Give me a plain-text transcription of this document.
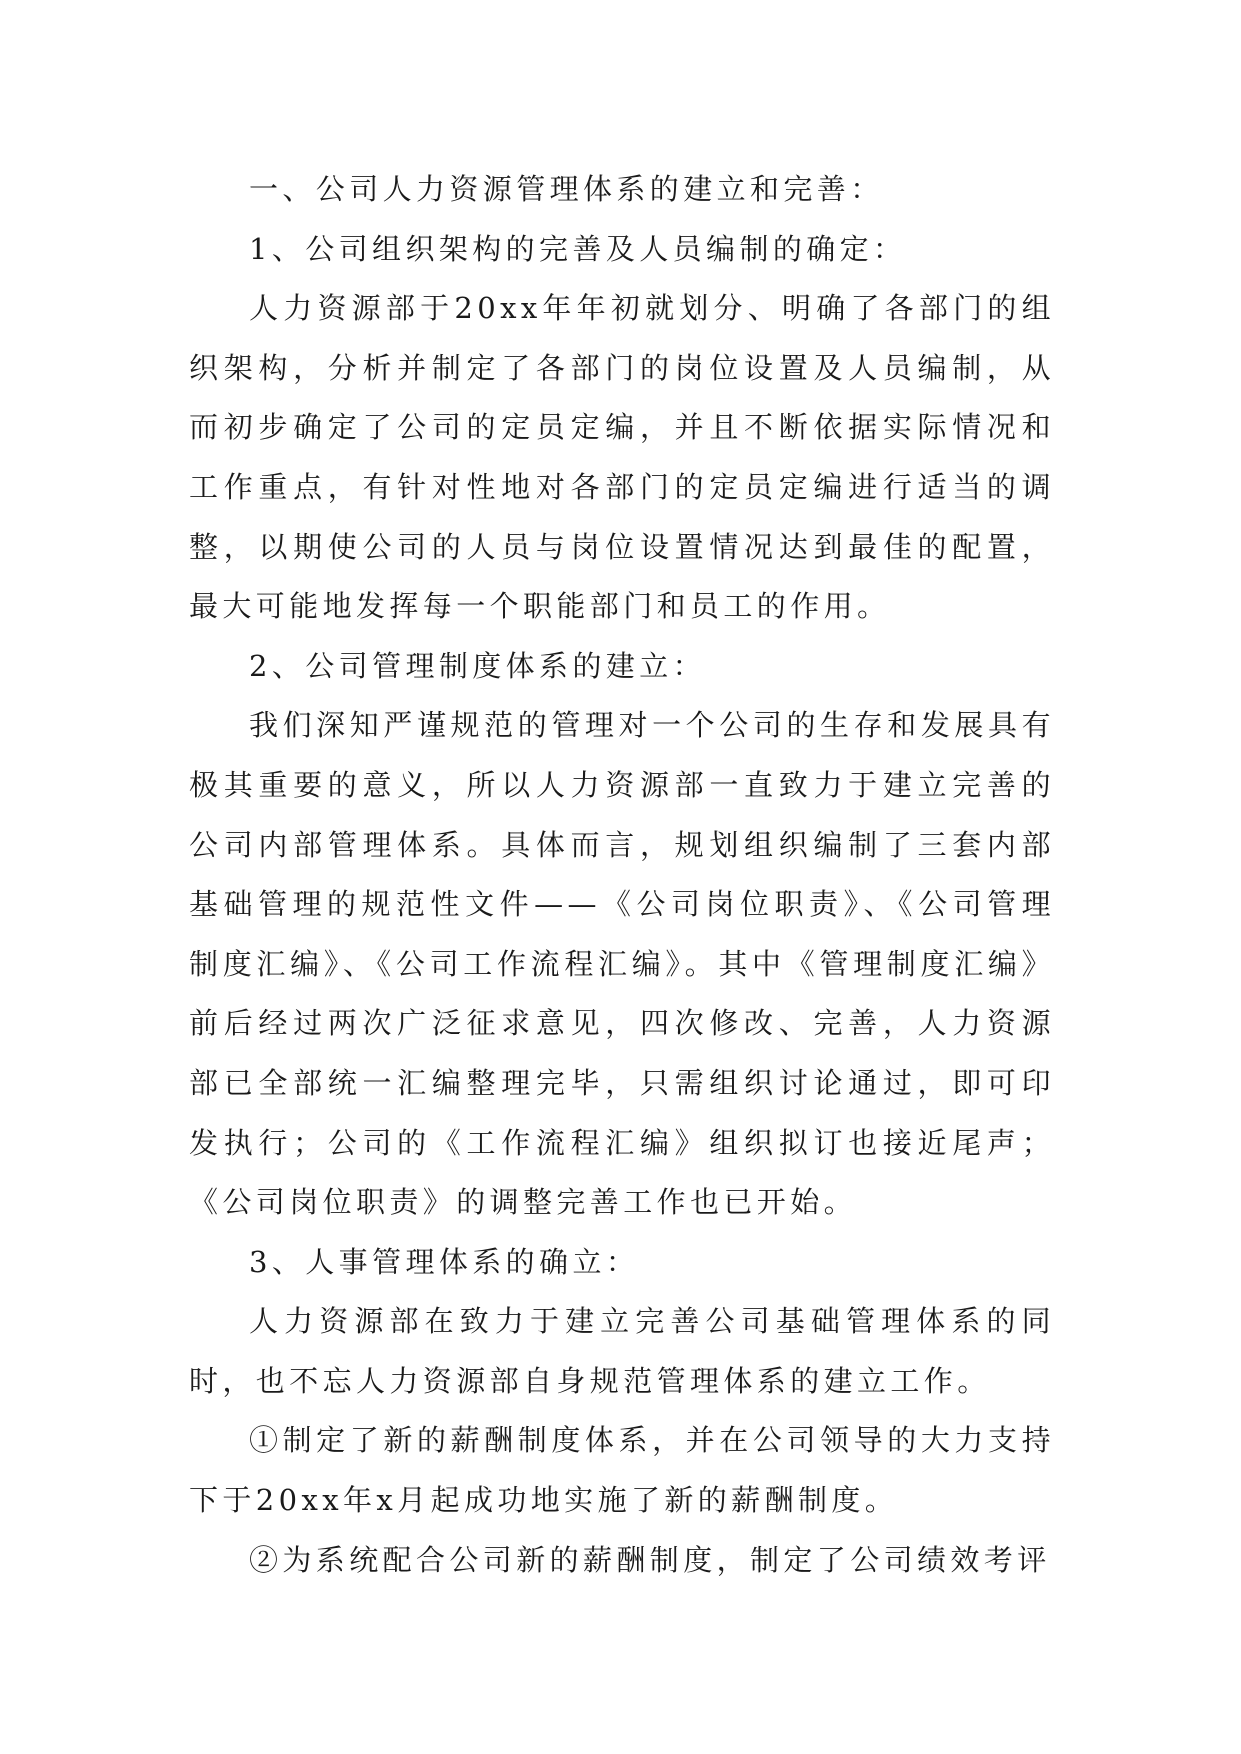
一、公司人力资源管理体系的建立和完善：

1、公司组织架构的完善及人员编制的确定：

人力资源部于20xx年年初就划分、明确了各部门的组织架构，分析并制定了各部门的岗位设置及人员编制，从而初步确定了公司的定员定编，并且不断依据实际情况和工作重点，有针对性地对各部门的定员定编进行适当的调整，以期使公司的人员与岗位设置情况达到最佳的配置，最大可能地发挥每一个职能部门和员工的作用。

2、公司管理制度体系的建立：

我们深知严谨规范的管理对一个公司的生存和发展具有极其重要的意义，所以人力资源部一直致力于建立完善的公司内部管理体系。具体而言，规划组织编制了三套内部基础管理的规范性文件——《公司岗位职责》、《公司管理制度汇编》、《公司工作流程汇编》。其中《管理制度汇编》前后经过两次广泛征求意见，四次修改、完善，人力资源部已全部统一汇编整理完毕，只需组织讨论通过，即可印发执行；公司的《工作流程汇编》组织拟订也接近尾声；《公司岗位职责》的调整完善工作也已开始。

3、人事管理体系的确立：

人力资源部在致力于建立完善公司基础管理体系的同时，也不忘人力资源部自身规范管理体系的建立工作。

①制定了新的薪酬制度体系，并在公司领导的大力支持下于20xx年x月起成功地实施了新的薪酬制度。

②为系统配合公司新的薪酬制度，制定了公司绩效考评
